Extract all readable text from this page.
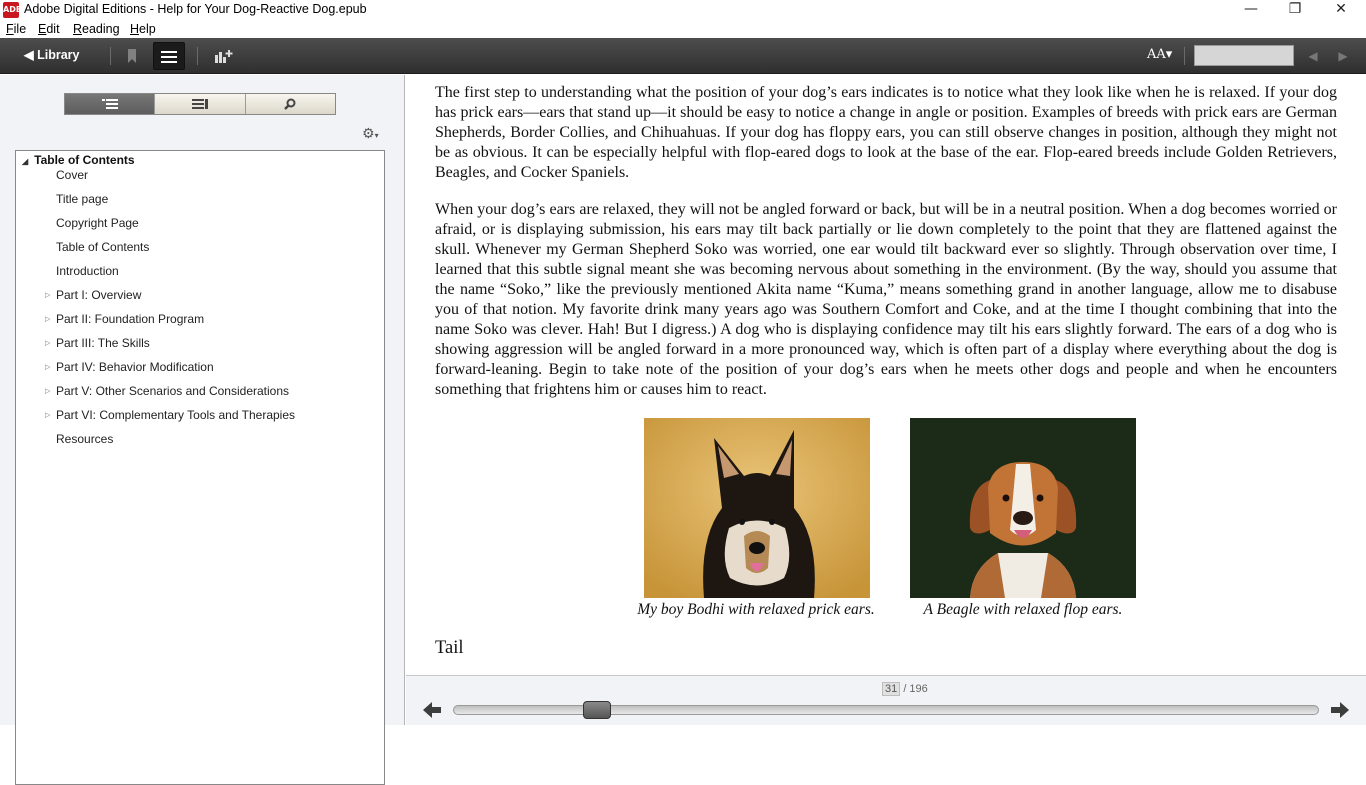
ADE Adobe Digital Editions - Help for Your Dog-Reactive Dog.epub	—	❐	✕
File Edit Reading Help
◀ Library	AA▾	◀	▶
⚙▾
◢ Table of Contents
Cover
Title page
Copyright Page
Table of Contents
Introduction
▷ Part I: Overview
▷ Part II: Foundation Program
▷ Part III: The Skills
▷ Part IV: Behavior Modification
▷ Part V: Other Scenarios and Considerations
▷ Part VI: Complementary Tools and Therapies
Resources

The first step to understanding what the position of your dog’s ears indicates is to notice what they look like when he is relaxed. If your dog has prick ears—ears that stand up—it should be easy to notice a change in angle or position. Examples of breeds with prick ears are German Shepherds, Border Collies, and Chihuahuas. If your dog has floppy ears, you can still observe changes in position, although they might not be as obvious. It can be especially helpful with flop-eared dogs to look at the base of the ear. Flop-eared breeds include Golden Retrievers, Beagles, and Cocker Spaniels.

When your dog’s ears are relaxed, they will not be angled forward or back, but will be in a neutral position. When a dog becomes worried or afraid, or is displaying submission, his ears may tilt back partially or lie down completely to the point that they are flattened against the skull. Whenever my German Shepherd Soko was worried, one ear would tilt backward ever so slightly. Through observation over time, I learned that this subtle signal meant she was becoming nervous about something in the environment. (By the way, should you assume that the name “Soko,” like the previously mentioned Akita name “Kuma,” means something grand in another language, allow me to disabuse you of that notion. My favorite drink many years ago was Southern Comfort and Coke, and at the time I thought combining that into the name Soko was clever. Hah! But I digress.) A dog who is displaying confidence may tilt his ears slightly forward. The ears of a dog who is showing aggression will be angled forward in a more pronounced way, which is often part of a display where everything about the dog is forward-leaning. Begin to take note of the position of your dog’s ears when he meets other dogs and people and when he encounters something that frightens him or causes him to react.

My boy Bodhi with relaxed prick ears.	A Beagle with relaxed flop ears.
Tail
31 / 196
